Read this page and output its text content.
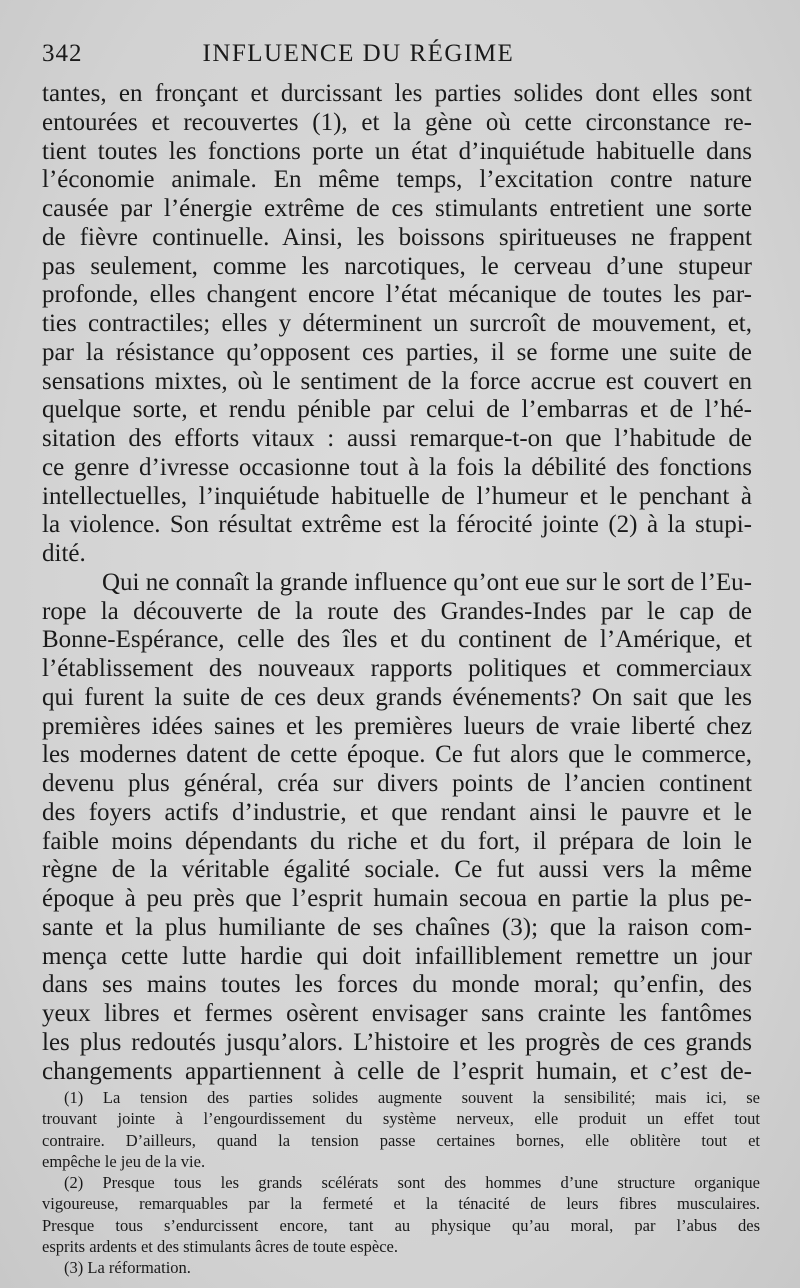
342	INFLUENCE DU RÉGIME
tantes, en fronçant et durcissant les parties solides dont elles sont
entourées et recouvertes (1), et la gène où cette circonstance re-
tient toutes les fonctions porte un état d’inquiétude habituelle dans
l’économie animale. En même temps, l’excitation contre nature
causée par l’énergie extrême de ces stimulants entretient une sorte
de fièvre continuelle. Ainsi, les boissons spiritueuses ne frappent
pas seulement, comme les narcotiques, le cerveau d’une stupeur
profonde, elles changent encore l’état mécanique de toutes les par-
ties contractiles; elles y déterminent un surcroît de mouvement, et,
par la résistance qu’opposent ces parties, il se forme une suite de
sensations mixtes, où le sentiment de la force accrue est couvert en
quelque sorte, et rendu pénible par celui de l’embarras et de l’hé-
sitation des efforts vitaux : aussi remarque-t-on que l’habitude de
ce genre d’ivresse occasionne tout à la fois la débilité des fonctions
intellectuelles, l’inquiétude habituelle de l’humeur et le penchant à
la violence. Son résultat extrême est la férocité jointe (2) à la stupi-
dité.
Qui ne connaît la grande influence qu’ont eue sur le sort de l’Eu-
rope la découverte de la route des Grandes-Indes par le cap de
Bonne-Espérance, celle des îles et du continent de l’Amérique, et
l’établissement des nouveaux rapports politiques et commerciaux
qui furent la suite de ces deux grands événements? On sait que les
premières idées saines et les premières lueurs de vraie liberté chez
les modernes datent de cette époque. Ce fut alors que le commerce,
devenu plus général, créa sur divers points de l’ancien continent
des foyers actifs d’industrie, et que rendant ainsi le pauvre et le
faible moins dépendants du riche et du fort, il prépara de loin le
règne de la véritable égalité sociale. Ce fut aussi vers la même
époque à peu près que l’esprit humain secoua en partie la plus pe-
sante et la plus humiliante de ses chaînes (3); que la raison com-
mença cette lutte hardie qui doit infailliblement remettre un jour
dans ses mains toutes les forces du monde moral; qu’enfin, des
yeux libres et fermes osèrent envisager sans crainte les fantômes
les plus redoutés jusqu’alors. L’histoire et les progrès de ces grands
changements appartiennent à celle de l’esprit humain, et c’est de-
(1) La tension des parties solides augmente souvent la sensibilité; mais ici, se
trouvant jointe à l’engourdissement du système nerveux, elle produit un effet tout
contraire. D’ailleurs, quand la tension passe certaines bornes, elle oblitère tout et
empêche le jeu de la vie.
(2) Presque tous les grands scélérats sont des hommes d’une structure organique
vigoureuse, remarquables par la fermeté et la ténacité de leurs fibres musculaires.
Presque tous s’endurcissent encore, tant au physique qu’au moral, par l’abus des
esprits ardents et des stimulants âcres de toute espèce.
(3) La réformation.
